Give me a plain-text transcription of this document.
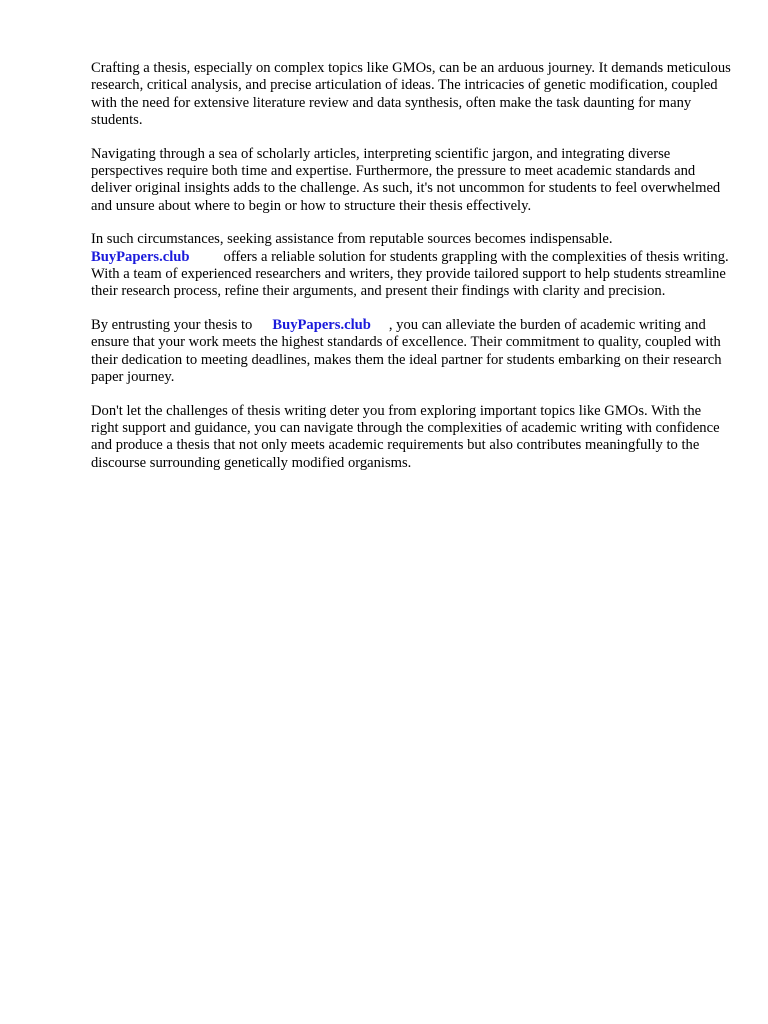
Crafting a thesis, especially on complex topics like GMOs, can be an arduous journey. It demands meticulous research, critical analysis, and precise articulation of ideas. The intricacies of genetic modification, coupled with the need for extensive literature review and data synthesis, often make the task daunting for many students.

Navigating through a sea of scholarly articles, interpreting scientific jargon, and integrating diverse perspectives require both time and expertise. Furthermore, the pressure to meet academic standards and deliver original insights adds to the challenge. As such, it's not uncommon for students to feel overwhelmed and unsure about where to begin or how to structure their thesis effectively.

In such circumstances, seeking assistance from reputable sources becomes indispensable.
BuyPapers.club offers a reliable solution for students grappling with the complexities of thesis writing. With a team of experienced researchers and writers, they provide tailored support to help students streamline their research process, refine their arguments, and present their findings with clarity and precision.

By entrusting your thesis to BuyPapers.club , you can alleviate the burden of academic writing and ensure that your work meets the highest standards of excellence. Their commitment to quality, coupled with their dedication to meeting deadlines, makes them the ideal partner for students embarking on their research paper journey.

Don't let the challenges of thesis writing deter you from exploring important topics like GMOs. With the right support and guidance, you can navigate through the complexities of academic writing with confidence and produce a thesis that not only meets academic requirements but also contributes meaningfully to the discourse surrounding genetically modified organisms.
